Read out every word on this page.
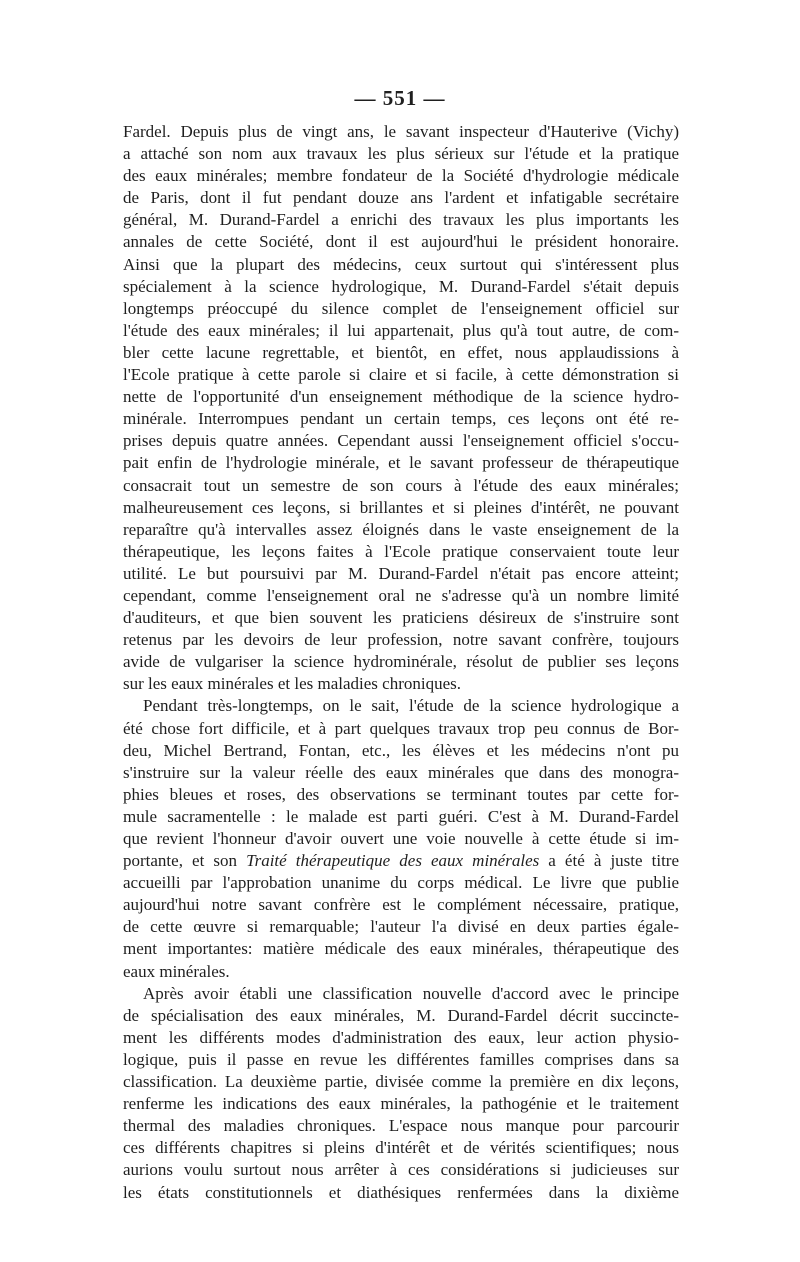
— 551 —
Fardel. Depuis plus de vingt ans, le savant inspecteur d'Hauterive (Vichy)
a attaché son nom aux travaux les plus sérieux sur l'étude et la pratique
des eaux minérales; membre fondateur de la Société d'hydrologie médicale
de Paris, dont il fut pendant douze ans l'ardent et infatigable secrétaire
général, M. Durand-Fardel a enrichi des travaux les plus importants les
annales de cette Société, dont il est aujourd'hui le président honoraire.
Ainsi que la plupart des médecins, ceux surtout qui s'intéressent plus
spécialement à la science hydrologique, M. Durand-Fardel s'était depuis
longtemps préoccupé du silence complet de l'enseignement officiel sur
l'étude des eaux minérales; il lui appartenait, plus qu'à tout autre, de com-
bler cette lacune regrettable, et bientôt, en effet, nous applaudissions à
l'Ecole pratique à cette parole si claire et si facile, à cette démonstration si
nette de l'opportunité d'un enseignement méthodique de la science hydro-
minérale. Interrompues pendant un certain temps, ces leçons ont été re-
prises depuis quatre années. Cependant aussi l'enseignement officiel s'occu-
pait enfin de l'hydrologie minérale, et le savant professeur de thérapeutique
consacrait tout un semestre de son cours à l'étude des eaux minérales;
malheureusement ces leçons, si brillantes et si pleines d'intérêt, ne pouvant
reparaître qu'à intervalles assez éloignés dans le vaste enseignement de la
thérapeutique, les leçons faites à l'Ecole pratique conservaient toute leur
utilité. Le but poursuivi par M. Durand-Fardel n'était pas encore atteint;
cependant, comme l'enseignement oral ne s'adresse qu'à un nombre limité
d'auditeurs, et que bien souvent les praticiens désireux de s'instruire sont
retenus par les devoirs de leur profession, notre savant confrère, toujours
avide de vulgariser la science hydrominérale, résolut de publier ses leçons
sur les eaux minérales et les maladies chroniques.
Pendant très-longtemps, on le sait, l'étude de la science hydrologique a
été chose fort difficile, et à part quelques travaux trop peu connus de Bor-
deu, Michel Bertrand, Fontan, etc., les élèves et les médecins n'ont pu
s'instruire sur la valeur réelle des eaux minérales que dans des monogra-
phies bleues et roses, des observations se terminant toutes par cette for-
mule sacramentelle : le malade est parti guéri. C'est à M. Durand-Fardel
que revient l'honneur d'avoir ouvert une voie nouvelle à cette étude si im-
portante, et son Traité thérapeutique des eaux minérales a été à juste titre
accueilli par l'approbation unanime du corps médical. Le livre que publie
aujourd'hui notre savant confrère est le complément nécessaire, pratique,
de cette œuvre si remarquable; l'auteur l'a divisé en deux parties égale-
ment importantes: matière médicale des eaux minérales, thérapeutique des
eaux minérales.
Après avoir établi une classification nouvelle d'accord avec le principe
de spécialisation des eaux minérales, M. Durand-Fardel décrit succincte-
ment les différents modes d'administration des eaux, leur action physio-
logique, puis il passe en revue les différentes familles comprises dans sa
classification. La deuxième partie, divisée comme la première en dix leçons,
renferme les indications des eaux minérales, la pathogénie et le traitement
thermal des maladies chroniques. L'espace nous manque pour parcourir
ces différents chapitres si pleins d'intérêt et de vérités scientifiques; nous
aurions voulu surtout nous arrêter à ces considérations si judicieuses sur
les états constitutionnels et diathésiques renfermées dans la dixième
